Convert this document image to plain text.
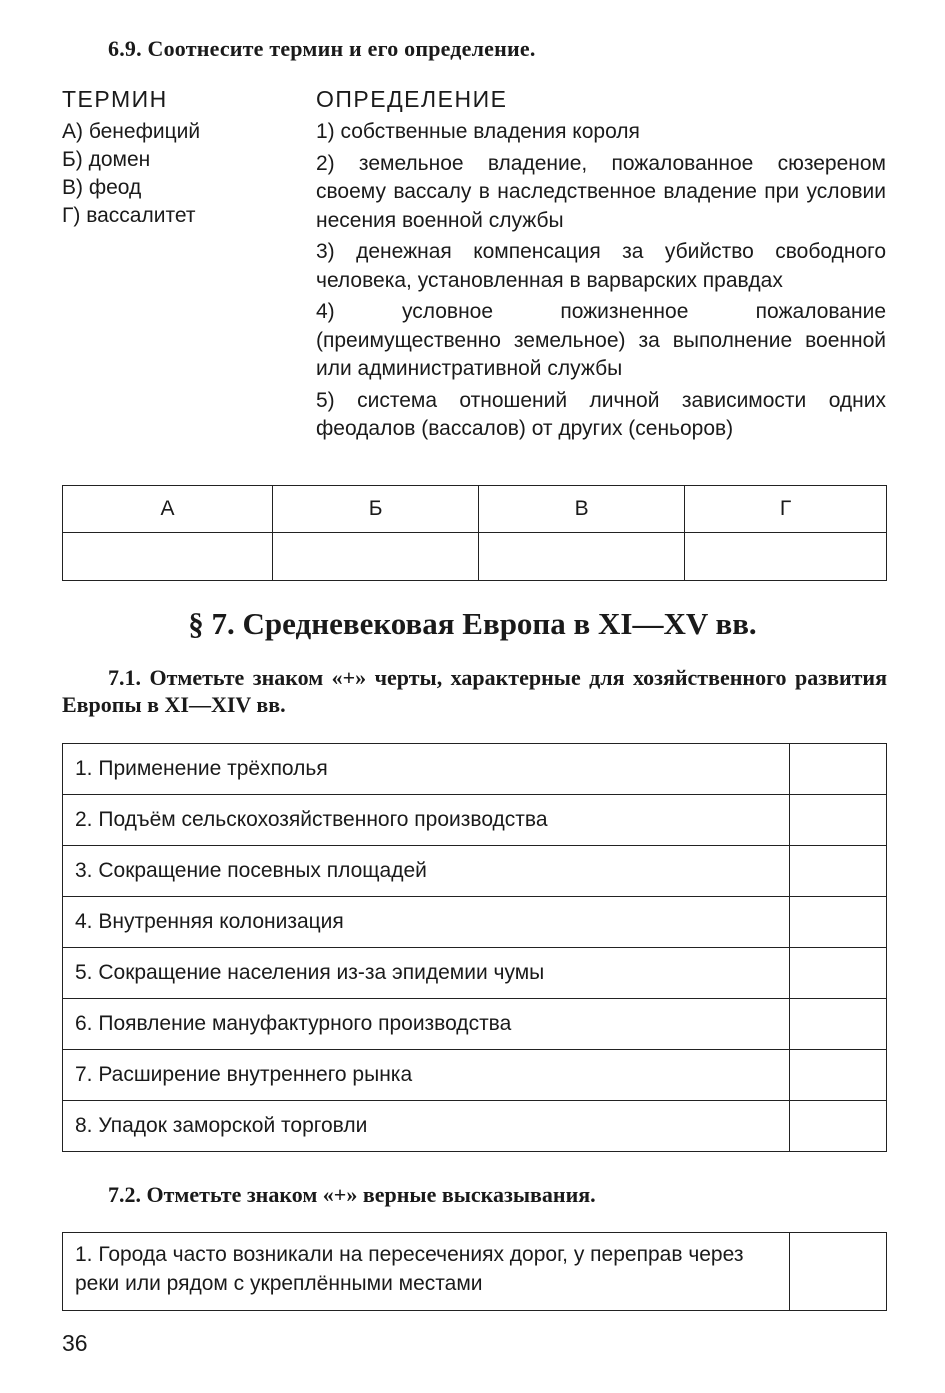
6.9. Соотнесите термин и его определение.

ТЕРМИН	ОПРЕДЕЛЕНИЕ

А) бенефиций
Б) домен
В) феод
Г) вассалитет
1) собственные владения короля
2) земельное владение, пожалованное сюзереном своему вассалу в наследственное владение при условии несения военной службы
3) денежная компенсация за убийство свободного человека, установленная в варварских правдах
4) условное пожизненное пожалование (преимущественно земельное) за выполнение военной или административной службы
5) система отношений личной зависимости одних феодалов (вассалов) от других (сеньоров)
А	Б	В	Г

§ 7. Средневековая Европа в XI—XV вв.

7.1. Отметьте знаком «+» черты, характерные для хозяйственного развития Европы в XI—XIV вв.

1. Применение трёхполья	
2. Подъём сельскохозяйственного производства	
3. Сокращение посевных площадей	
4. Внутренняя колонизация	
5. Сокращение населения из-за эпидемии чумы	
6. Появление мануфактурного производства	
7. Расширение внутреннего рынка	
8. Упадок заморской торговли	

7.2. Отметьте знаком «+» верные высказывания.

1. Города часто возникали на пересечениях дорог, у переправ через реки или рядом с укреплёнными местами	

36
